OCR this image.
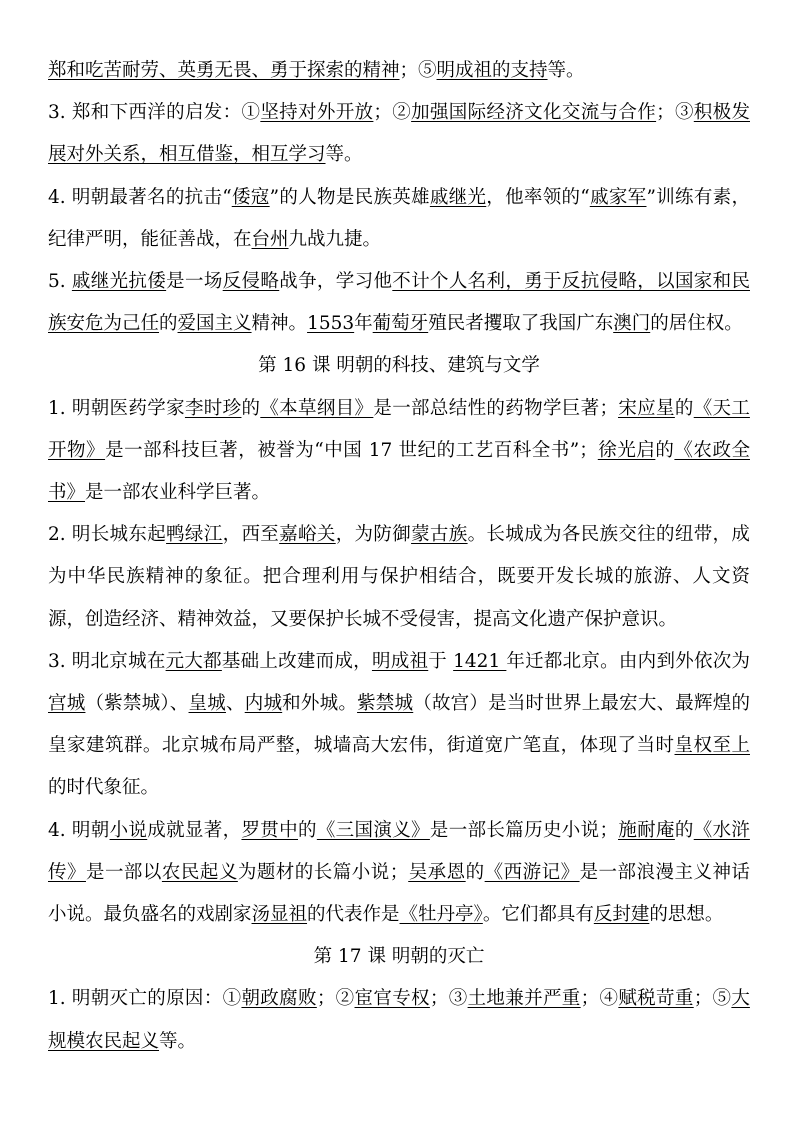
郑和吃苦耐劳、英勇无畏、勇于探索的精神；⑤明成祖的支持等。

3. 郑和下西洋的启发：①坚持对外开放；②加强国际经济文化交流与合作；③积极发展对外关系，相互借鉴，相互学习等。

4. 明朝最著名的抗击“倭寇”的人物是民族英雄戚继光，他率领的“戚家军”训练有素，纪律严明，能征善战，在台州九战九捷。

5. 戚继光抗倭是一场反侵略战争，学习他不计个人名利，勇于反抗侵略，以国家和民族安危为己任的爱国主义精神。1553年葡萄牙殖民者攫取了我国广东澳门的居住权。

第 16 课 明朝的科技、建筑与文学

1. 明朝医药学家李时珍的《本草纲目》是一部总结性的药物学巨著；宋应星的《天工开物》是一部科技巨著，被誉为“中国 17 世纪的工艺百科全书”；徐光启的《农政全书》是一部农业科学巨著。

2. 明长城东起鸭绿江，西至嘉峪关，为防御蒙古族。长城成为各民族交往的纽带，成为中华民族精神的象征。把合理利用与保护相结合，既要开发长城的旅游、人文资源，创造经济、精神效益，又要保护长城不受侵害，提高文化遗产保护意识。

3. 明北京城在元大都基础上改建而成，明成祖于 1421 年迁都北京。由内到外依次为宫城（紫禁城）、皇城、内城和外城。紫禁城（故宫）是当时世界上最宏大、最辉煌的皇家建筑群。北京城布局严整，城墙高大宏伟，街道宽广笔直，体现了当时皇权至上的时代象征。

4. 明朝小说成就显著，罗贯中的《三国演义》是一部长篇历史小说；施耐庵的《水浒传》是一部以农民起义为题材的长篇小说；吴承恩的《西游记》是一部浪漫主义神话小说。最负盛名的戏剧家汤显祖的代表作是《牡丹亭》。它们都具有反封建的思想。

第 17 课 明朝的灭亡

1. 明朝灭亡的原因：①朝政腐败；②宦官专权；③土地兼并严重；④赋税苛重；⑤大规模农民起义等。
